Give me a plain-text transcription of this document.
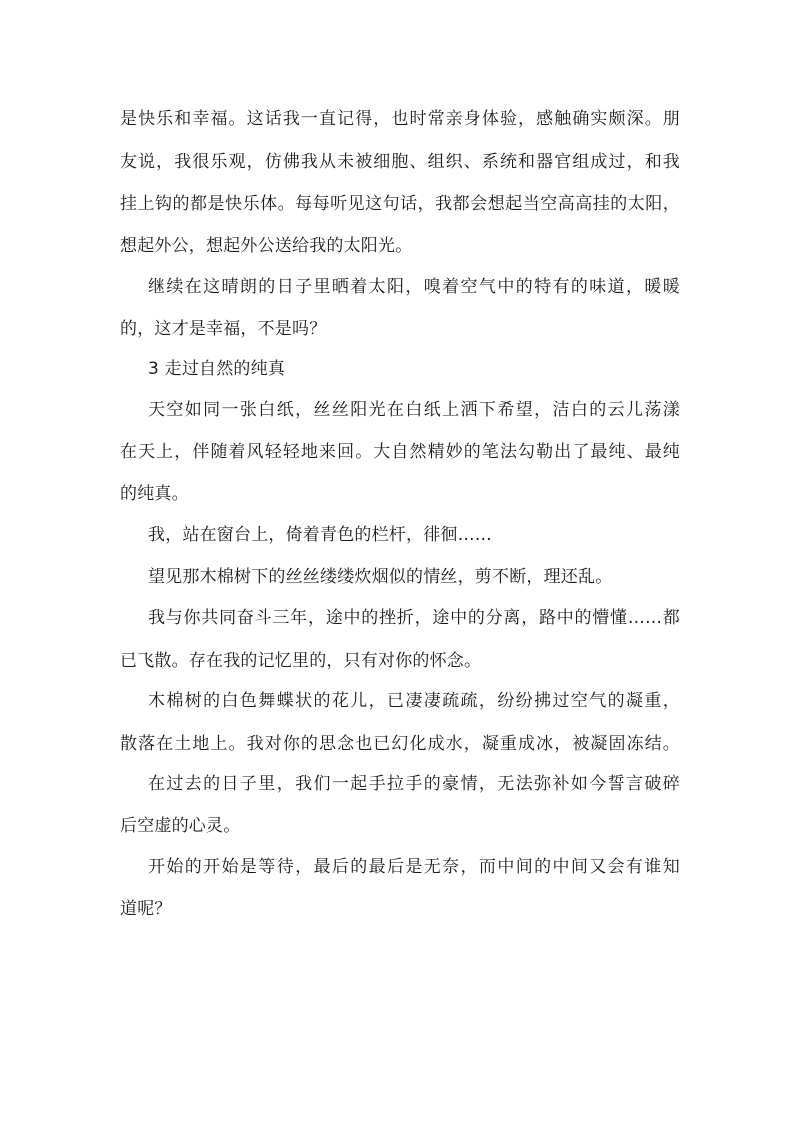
是快乐和幸福。这话我一直记得，也时常亲身体验，感触确实颇深。朋
友说，我很乐观，仿佛我从未被细胞、组织、系统和器官组成过，和我
挂上钩的都是快乐体。每每听见这句话，我都会想起当空高高挂的太阳，
想起外公，想起外公送给我的太阳光。
继续在这晴朗的日子里晒着太阳，嗅着空气中的特有的味道，暖暖
的，这才是幸福，不是吗？
3 走过自然的纯真
天空如同一张白纸，丝丝阳光在白纸上洒下希望，洁白的云儿荡漾
在天上，伴随着风轻轻地来回。大自然精妙的笔法勾勒出了最纯、最纯
的纯真。
我，站在窗台上，倚着青色的栏杆，徘徊……
望见那木棉树下的丝丝缕缕炊烟似的情丝，剪不断，理还乱。
我与你共同奋斗三年，途中的挫折，途中的分离，路中的懵懂……都
已飞散。存在我的记忆里的，只有对你的怀念。
木棉树的白色舞蝶状的花儿，已凄凄疏疏，纷纷拂过空气的凝重，
散落在土地上。我对你的思念也已幻化成水，凝重成冰，被凝固冻结。
在过去的日子里，我们一起手拉手的豪情，无法弥补如今誓言破碎
后空虚的心灵。
开始的开始是等待，最后的最后是无奈，而中间的中间又会有谁知
道呢？
